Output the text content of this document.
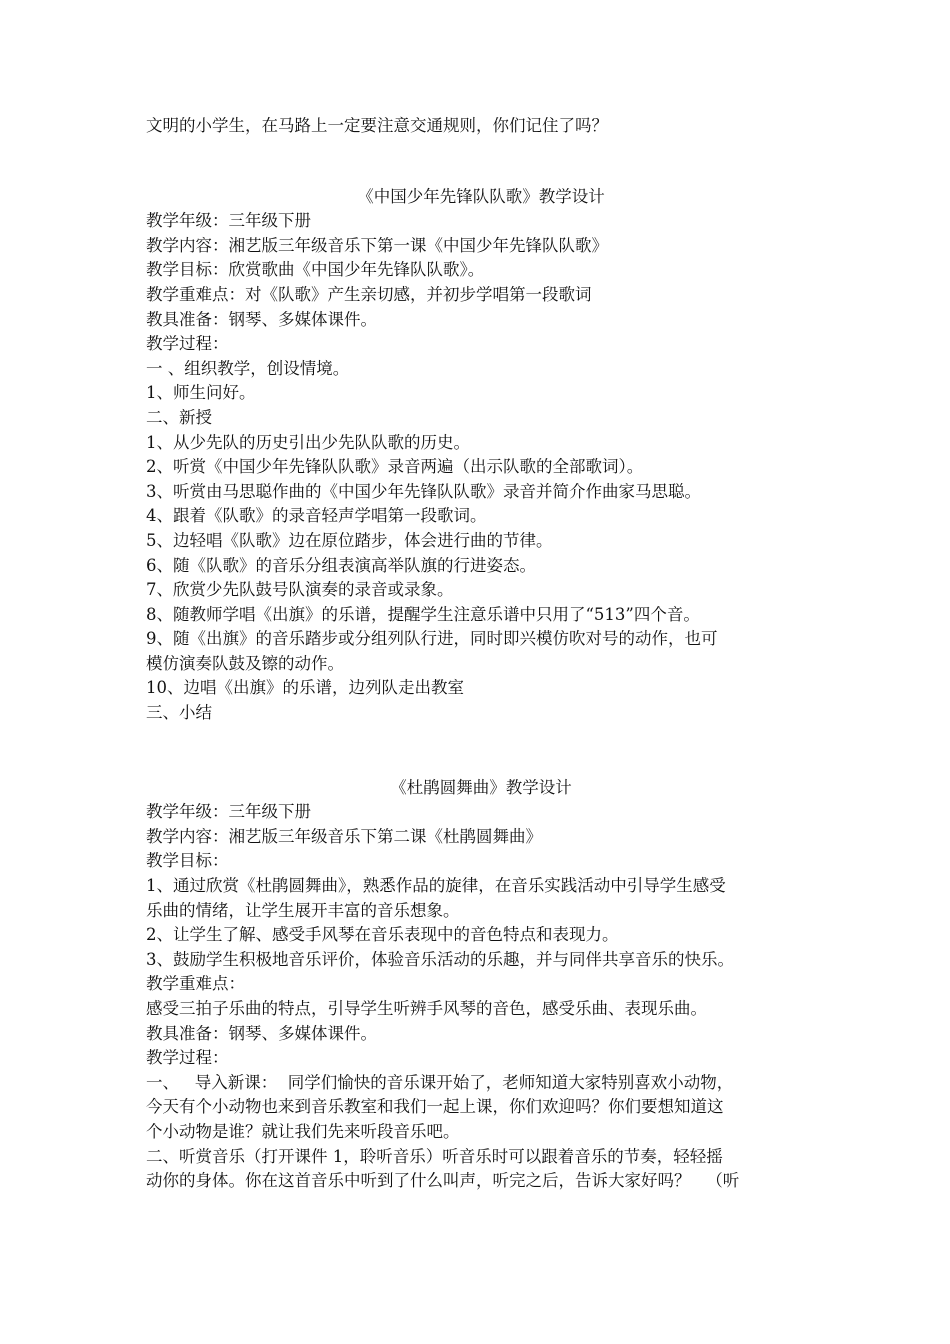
文明的小学生，在马路上一定要注意交通规则，你们记住了吗？
《中国少年先锋队队歌》教学设计
教学年级：三年级下册
教学内容：湘艺版三年级音乐下第一课《中国少年先锋队队歌》
教学目标：欣赏歌曲《中国少年先锋队队歌》。
教学重难点：对《队歌》产生亲切感，并初步学唱第一段歌词
教具准备：钢琴、多媒体课件。
教学过程：
一 、组织教学，创设情境。
1、师生问好。
二、新授
1、从少先队的历史引出少先队队歌的历史。
2、听赏《中国少年先锋队队歌》录音两遍（出示队歌的全部歌词）。
3、听赏由马思聪作曲的《中国少年先锋队队歌》录音并简介作曲家马思聪。
4、跟着《队歌》的录音轻声学唱第一段歌词。
5、边轻唱《队歌》边在原位踏步，体会进行曲的节律。
6、随《队歌》的音乐分组表演高举队旗的行进姿态。
7、欣赏少先队鼓号队演奏的录音或录象。
8、随教师学唱《出旗》的乐谱，提醒学生注意乐谱中只用了“513”四个音。
9、随《出旗》的音乐踏步或分组列队行进，同时即兴模仿吹对号的动作，也可
模仿演奏队鼓及镲的动作。
10、边唱《出旗》的乐谱，边列队走出教室
三、小结
《杜鹃圆舞曲》教学设计
教学年级：三年级下册
教学内容：湘艺版三年级音乐下第二课《杜鹃圆舞曲》
教学目标：
1、通过欣赏《杜鹃圆舞曲》，熟悉作品的旋律，在音乐实践活动中引导学生感受
乐曲的情绪，让学生展开丰富的音乐想象。
2、让学生了解、感受手风琴在音乐表现中的音色特点和表现力。
3、鼓励学生积极地音乐评价，体验音乐活动的乐趣，并与同伴共享音乐的快乐。
教学重难点：
感受三拍子乐曲的特点，引导学生听辨手风琴的音色，感受乐曲、表现乐曲。
教具准备：钢琴、多媒体课件。
教学过程：
一、   导入新课：  同学们愉快的音乐课开始了，老师知道大家特别喜欢小动物，
今天有个小动物也来到音乐教室和我们一起上课，你们欢迎吗？你们要想知道这
个小动物是谁？就让我们先来听段音乐吧。
二、听赏音乐（打开课件 1，聆听音乐）听音乐时可以跟着音乐的节奏，轻轻摇
动你的身体。你在这首音乐中听到了什么叫声，听完之后，告诉大家好吗？   （听
